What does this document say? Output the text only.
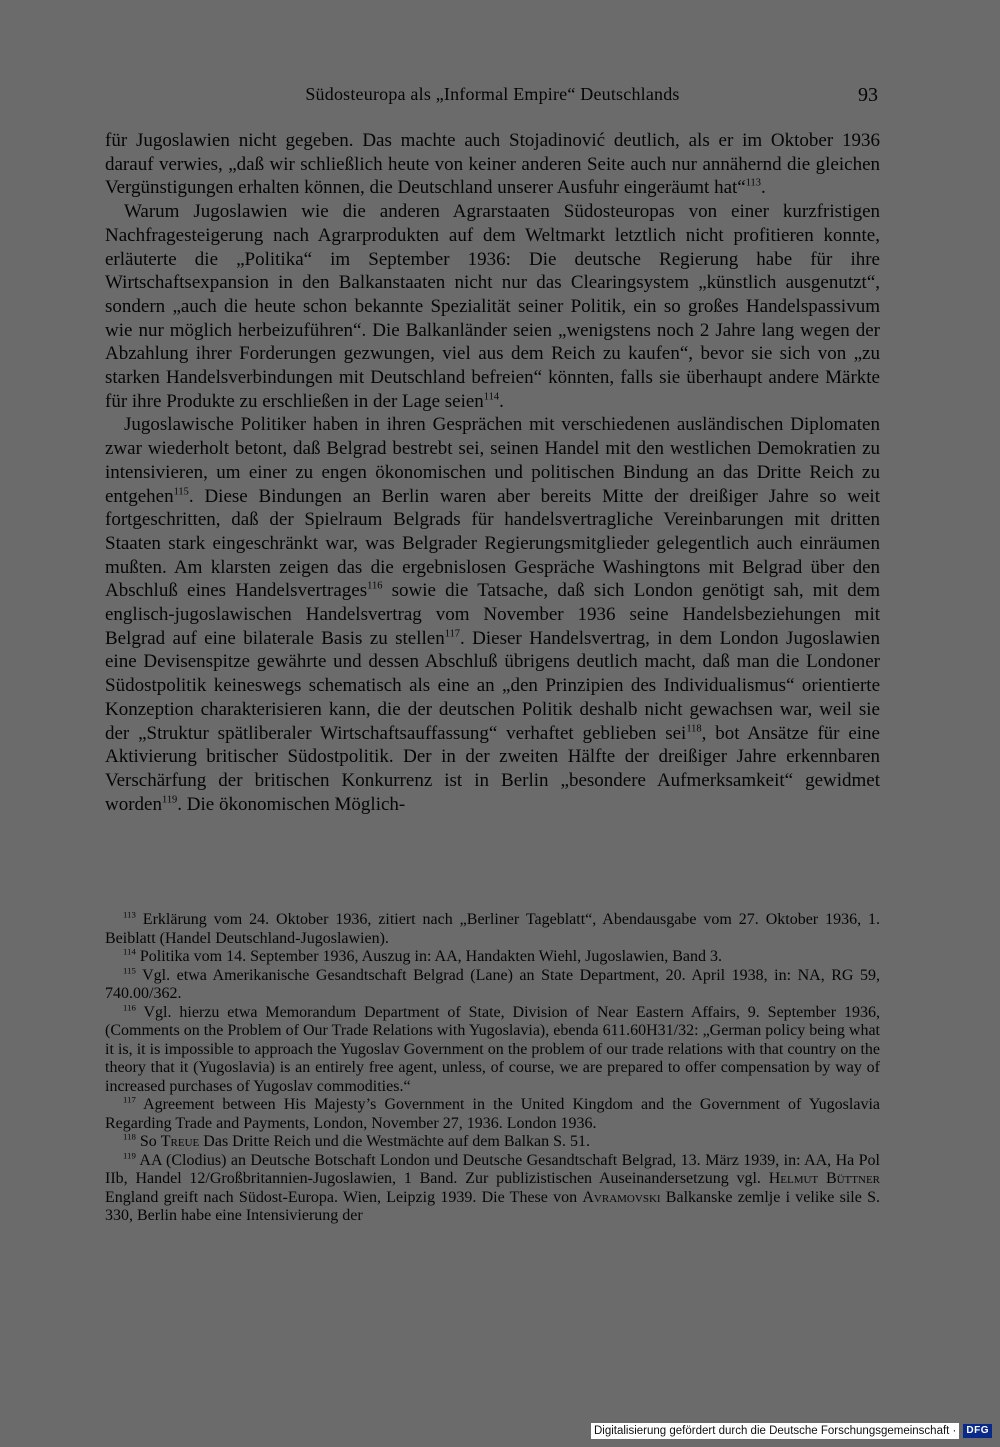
Südosteuropa als „Informal Empire“ Deutschlands	93

für Jugoslawien nicht gegeben. Das machte auch Stojadinović deutlich, als er im Oktober 1936 darauf verwies, „daß wir schließlich heute von keiner anderen Seite auch nur annähernd die gleichen Vergünstigungen erhalten können, die Deutschland unserer Ausfuhr eingeräumt hat“$^{113}$.

Warum Jugoslawien wie die anderen Agrarstaaten Südosteuropas von einer kurzfristigen Nachfragesteigerung nach Agrarprodukten auf dem Weltmarkt letztlich nicht profitieren konnte, erläuterte die „Politika“ im September 1936: Die deutsche Regierung habe für ihre Wirtschaftsexpansion in den Balkanstaaten nicht nur das Clearingsystem „künstlich ausgenutzt“, sondern „auch die heute schon bekannte Spezialität seiner Politik, ein so großes Handelspassivum wie nur möglich herbeizuführen“. Die Balkanländer seien „wenigstens noch 2 Jahre lang wegen der Abzahlung ihrer Forderungen gezwungen, viel aus dem Reich zu kaufen“, bevor sie sich von „zu starken Handelsverbindungen mit Deutschland befreien“ könnten, falls sie überhaupt andere Märkte für ihre Produkte zu erschließen in der Lage seien$^{114}$.

Jugoslawische Politiker haben in ihren Gesprächen mit verschiedenen ausländischen Diplomaten zwar wiederholt betont, daß Belgrad bestrebt sei, seinen Handel mit den westlichen Demokratien zu intensivieren, um einer zu engen ökonomischen und politischen Bindung an das Dritte Reich zu entgehen$^{115}$. Diese Bindungen an Berlin waren aber bereits Mitte der dreißiger Jahre so weit fortgeschritten, daß der Spielraum Belgrads für handelsvertragliche Vereinbarungen mit dritten Staaten stark eingeschränkt war, was Belgrader Regierungsmitglieder gelegentlich auch einräumen mußten. Am klarsten zeigen das die ergebnislosen Gespräche Washingtons mit Belgrad über den Abschluß eines Handelsvertrages$^{116}$ sowie die Tatsache, daß sich London genötigt sah, mit dem englisch-jugoslawischen Handelsvertrag vom November 1936 seine Handelsbeziehungen mit Belgrad auf eine bilaterale Basis zu stellen$^{117}$. Dieser Handelsvertrag, in dem London Jugoslawien eine Devisenspitze gewährte und dessen Abschluß übrigens deutlich macht, daß man die Londoner Südostpolitik keineswegs schematisch als eine an „den Prinzipien des Individualismus“ orientierte Konzeption charakterisieren kann, die der deutschen Politik deshalb nicht gewachsen war, weil sie der „Struktur spätliberaler Wirtschaftsauffassung“ verhaftet geblieben sei$^{118}$, bot Ansätze für eine Aktivierung britischer Südostpolitik. Der in der zweiten Hälfte der dreißiger Jahre erkennbaren Verschärfung der britischen Konkurrenz ist in Berlin „besondere Aufmerksamkeit“ gewidmet worden$^{119}$. Die ökonomischen Möglich-

$^{113}$ Erklärung vom 24. Oktober 1936, zitiert nach „Berliner Tageblatt“, Abendausgabe vom 27. Oktober 1936, 1. Beiblatt (Handel Deutschland-Jugoslawien).

$^{114}$ Politika vom 14. September 1936, Auszug in: AA, Handakten Wiehl, Jugoslawien, Band 3.

$^{115}$ Vgl. etwa Amerikanische Gesandtschaft Belgrad (Lane) an State Department, 20. April 1938, in: NA, RG 59, 740.00/362.

$^{116}$ Vgl. hierzu etwa Memorandum Department of State, Division of Near Eastern Affairs, 9. September 1936, (Comments on the Problem of Our Trade Relations with Yugoslavia), ebenda 611.60H31/32: „German policy being what it is, it is impossible to approach the Yugoslav Government on the problem of our trade relations with that country on the theory that it (Yugoslavia) is an entirely free agent, unless, of course, we are prepared to offer compensation by way of increased purchases of Yugoslav commodities.“

$^{117}$ Agreement between His Majesty’s Government in the United Kingdom and the Government of Yugoslavia Regarding Trade and Payments, London, November 27, 1936. London 1936.

$^{118}$ So Treue Das Dritte Reich und die Westmächte auf dem Balkan S. 51.

$^{119}$ AA (Clodius) an Deutsche Botschaft London und Deutsche Gesandtschaft Belgrad, 13. März 1939, in: AA, Ha Pol IIb, Handel 12/Großbritannien-Jugoslawien, 1 Band. Zur publizistischen Auseinandersetzung vgl. Helmut Büttner England greift nach Südost-Europa. Wien, Leipzig 1939. Die These von Avramovski Balkanske zemlje i velike sile S. 330, Berlin habe eine Intensivierung der

Digitalisierung gefördert durch die Deutsche Forschungsgemeinschaft ·	DFG
